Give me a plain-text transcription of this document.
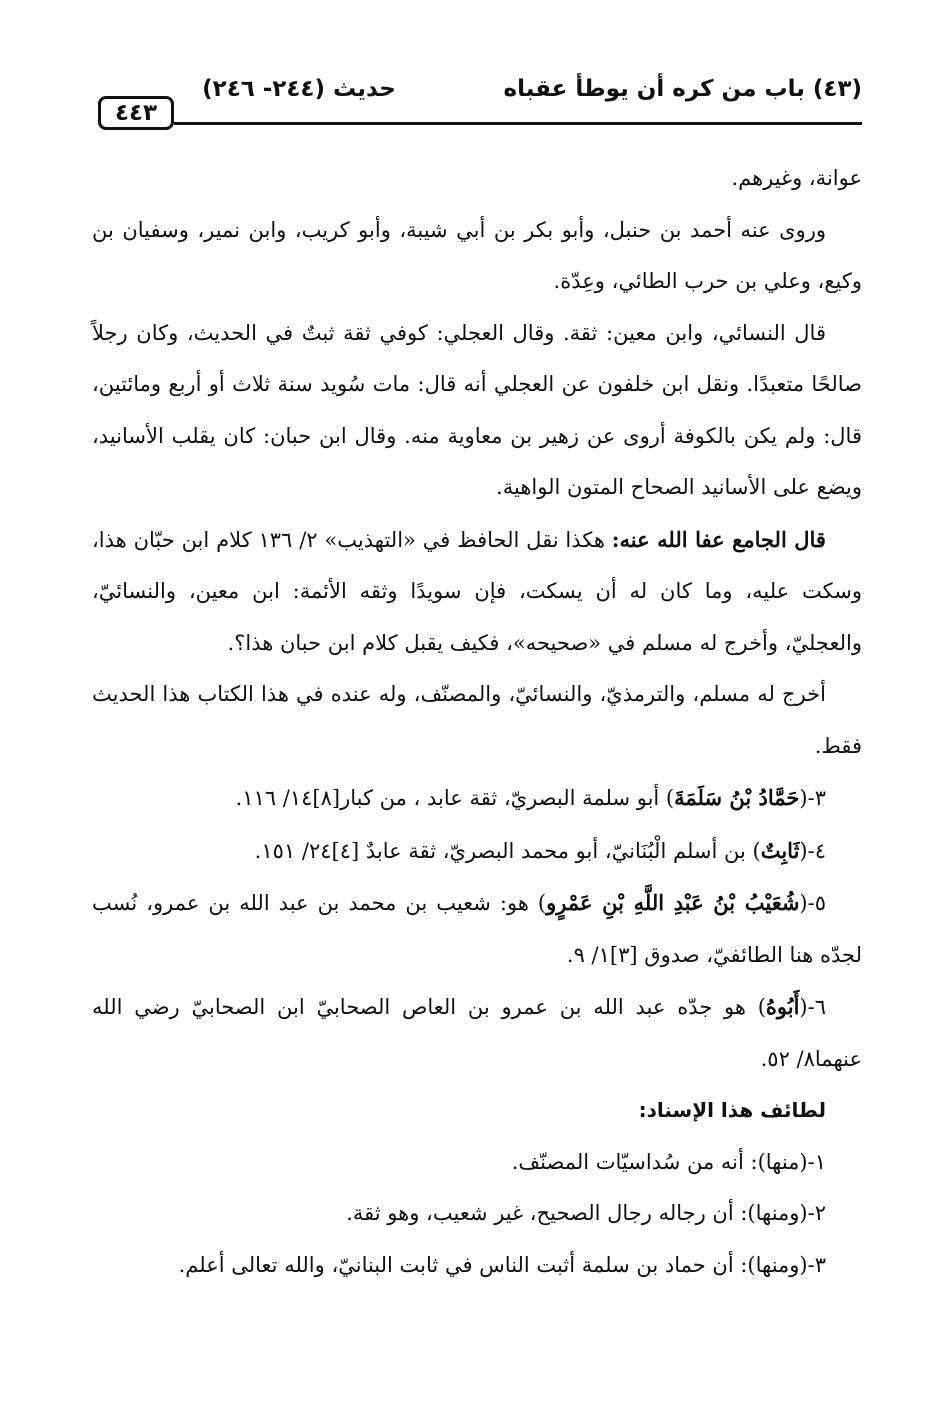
٤٤٣
حديث (٢٤٤- ٢٤٦)	(٤٣) باب من كره أن يوطأ عقباه

عوانة، وغيرهم.

وروى عنه أحمد بن حنبل، وأبو بكر بن أبي شيبة، وأبو كريب، وابن نمير، وسفيان بن وكيع، وعلي بن حرب الطائي، وعِدّة.

قال النسائي، وابن معين: ثقة. وقال العجلي: كوفي ثقة ثبتٌ في الحديث، وكان رجلاً صالحًا متعبدًا. ونقل ابن خلفون عن العجلي أنه قال: مات سُويد سنة ثلاث أو أربع ومائتين، قال: ولم يكن بالكوفة أروى عن زهير بن معاوية منه. وقال ابن حبان: كان يقلب الأسانيد، ويضع على الأسانيد الصحاح المتون الواهية.

قال الجامع عفا الله عنه: هكذا نقل الحافظ في «التهذيب» ٢/ ١٣٦ كلام ابن حبّان هذا، وسكت عليه، وما كان له أن يسكت، فإن سويدًا وثقه الأئمة: ابن معين، والنسائيّ، والعجليّ، وأخرج له مسلم في «صحيحه»، فكيف يقبل كلام ابن حبان هذا؟.

أخرج له مسلم، والترمذيّ، والنسائيّ، والمصنّف، وله عنده في هذا الكتاب هذا الحديث فقط.

٣-(حَمَّادُ بْنُ سَلَمَةَ) أبو سلمة البصريّ، ثقة عابد ، من كبار[٨]١٤/ ١١٦.

٤-(ثَابِتٌ) بن أسلم الْبُنَانيّ، أبو محمد البصريّ، ثقة عابدٌ [٤]٢٤/ ١٥١.

٥-(شُعَيْبُ بْنُ عَبْدِ اللَّهِ بْنِ عَمْرٍو) هو: شعيب بن محمد بن عبد الله بن عمرو، نُسب لجدّه هنا الطائفيّ، صدوق [٣]١/ ٩.

٦-(أَبُوهُ) هو جدّه عبد الله بن عمرو بن العاص الصحابيّ ابن الصحابيّ رضي الله عنهما٨/ ٥٢.

لطائف هذا الإسناد:

١-(منها): أنه من سُداسيّات المصنّف.

٢-(ومنها): أن رجاله رجال الصحيح، غير شعيب، وهو ثقة.

٣-(ومنها): أن حماد بن سلمة أثبت الناس في ثابت البنانيّ، والله تعالى أعلم.
